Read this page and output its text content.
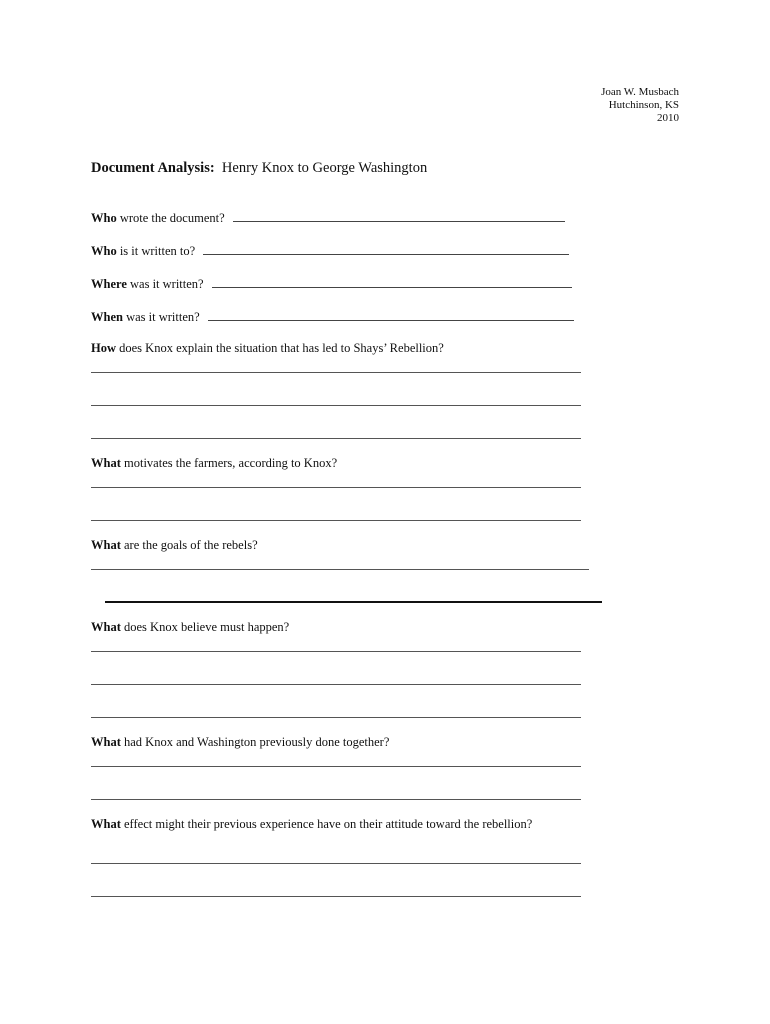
Joan W. Musbach
Hutchinson, KS
2010
Document Analysis: Henry Knox to George Washington
Who wrote the document?
Who is it written to?
Where was it written?
When was it written?
How does Knox explain the situation that has led to Shays’ Rebellion?
What motivates the farmers, according to Knox?
What are the goals of the rebels?
What does Knox believe must happen?
What had Knox and Washington previously done together?
What effect might their previous experience have on their attitude toward the rebellion?
